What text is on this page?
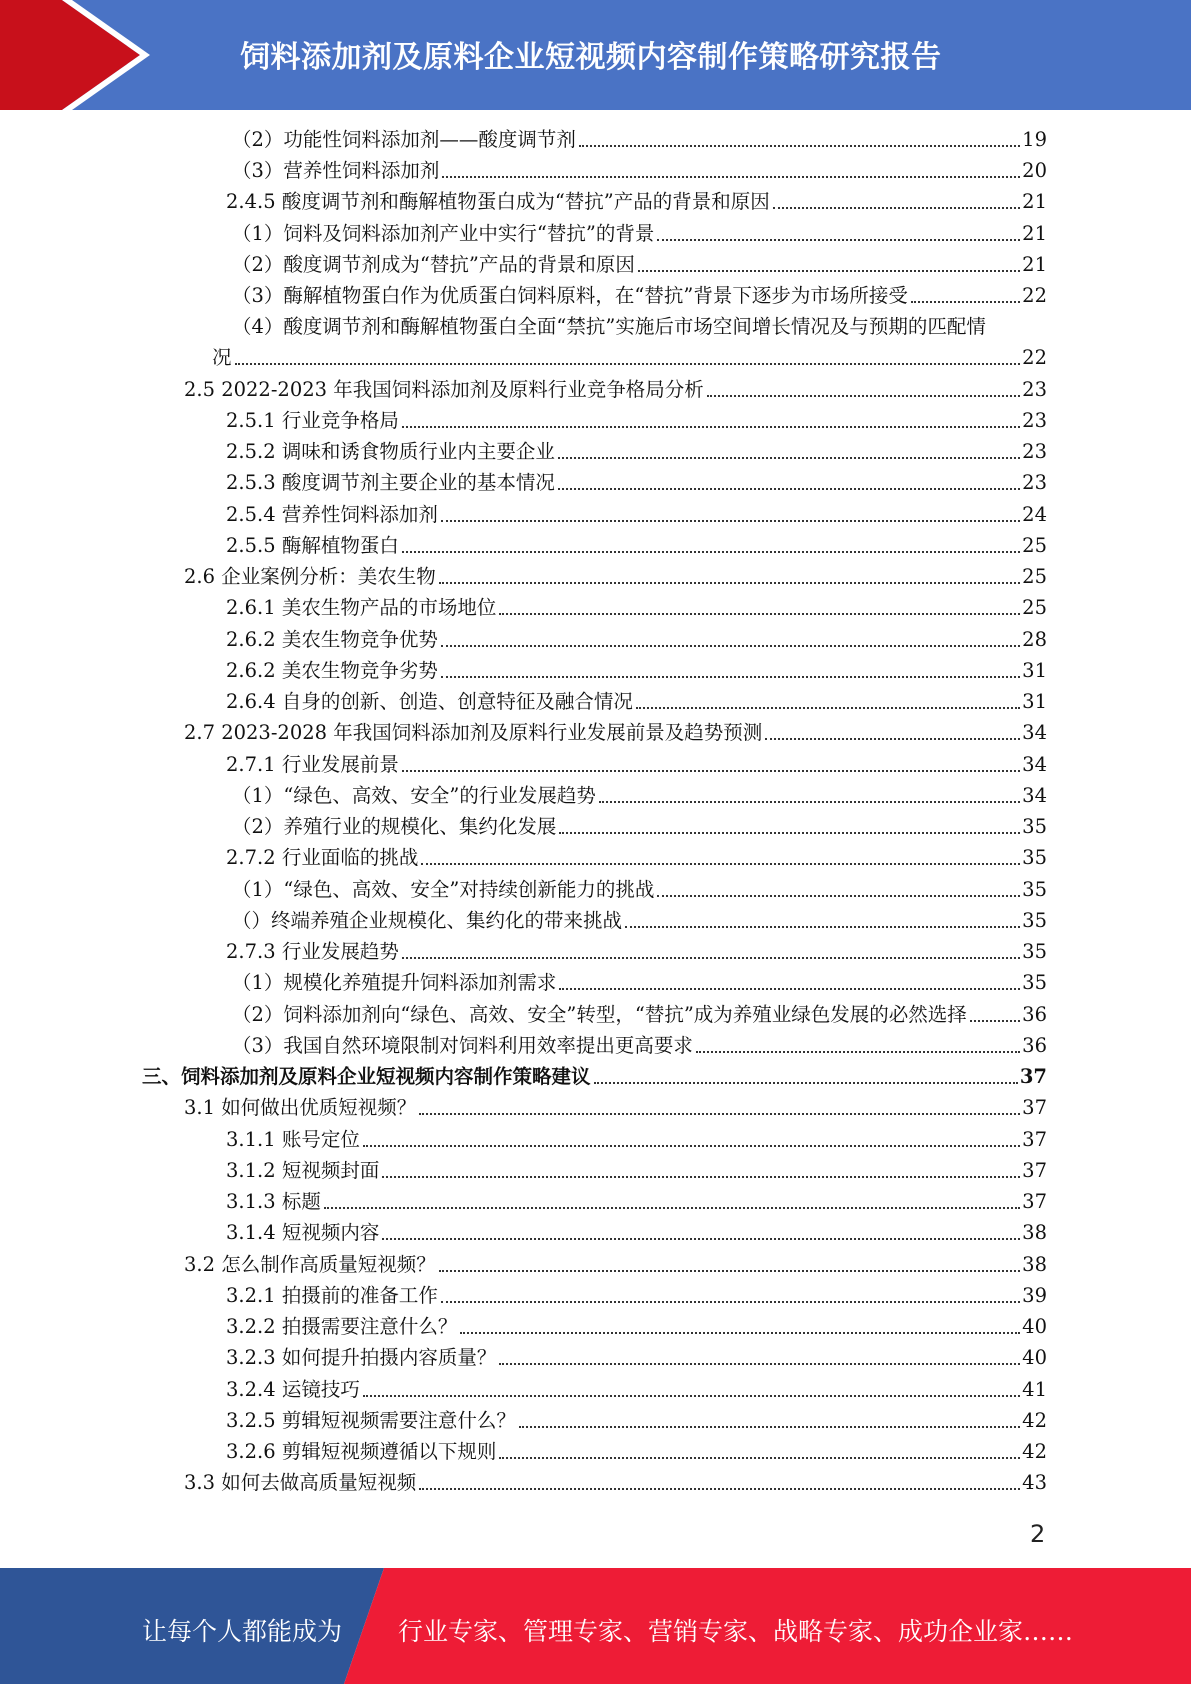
饲料添加剂及原料企业短视频内容制作策略研究报告
（2）功能性饲料添加剂——酸度调节剂	19
（3）营养性饲料添加剂	20
2.4.5 酸度调节剂和酶解植物蛋白成为“替抗”产品的背景和原因	21
（1）饲料及饲料添加剂产业中实行“替抗”的背景	21
（2）酸度调节剂成为“替抗”产品的背景和原因	21
（3）酶解植物蛋白作为优质蛋白饲料原料，在“替抗”背景下逐步为市场所接受	22
（4）酸度调节剂和酶解植物蛋白全面“禁抗”实施后市场空间增长情况及与预期的匹配情
况	22
2.5 2022-2023 年我国饲料添加剂及原料行业竞争格局分析	23
2.5.1 行业竞争格局	23
2.5.2 调味和诱食物质行业内主要企业	23
2.5.3 酸度调节剂主要企业的基本情况	23
2.5.4 营养性饲料添加剂	24
2.5.5 酶解植物蛋白	25
2.6 企业案例分析：美农生物	25
2.6.1 美农生物产品的市场地位	25
2.6.2 美农生物竞争优势	28
2.6.2 美农生物竞争劣势	31
2.6.4 自身的创新、创造、创意特征及融合情况	31
2.7 2023-2028 年我国饲料添加剂及原料行业发展前景及趋势预测	34
2.7.1 行业发展前景	34
（1）“绿色、高效、安全”的行业发展趋势	34
（2）养殖行业的规模化、集约化发展	35
2.7.2 行业面临的挑战	35
（1）“绿色、高效、安全”对持续创新能力的挑战	35
（）终端养殖企业规模化、集约化的带来挑战	35
2.7.3 行业发展趋势	35
（1）规模化养殖提升饲料添加剂需求	35
（2）饲料添加剂向“绿色、高效、安全”转型，“替抗”成为养殖业绿色发展的必然选择	36
（3）我国自然环境限制对饲料利用效率提出更高要求	36
三、饲料添加剂及原料企业短视频内容制作策略建议	37
3.1 如何做出优质短视频？	37
3.1.1 账号定位	37
3.1.2 短视频封面	37
3.1.3 标题	37
3.1.4 短视频内容	38
3.2 怎么制作高质量短视频？	38
3.2.1 拍摄前的准备工作	39
3.2.2 拍摄需要注意什么？	40
3.2.3 如何提升拍摄内容质量？	40
3.2.4 运镜技巧	41
3.2.5 剪辑短视频需要注意什么？	42
3.2.6 剪辑短视频遵循以下规则	42
3.3 如何去做高质量短视频	43
2
让每个人都能成为 行业专家、管理专家、营销专家、战略专家、成功企业家……
